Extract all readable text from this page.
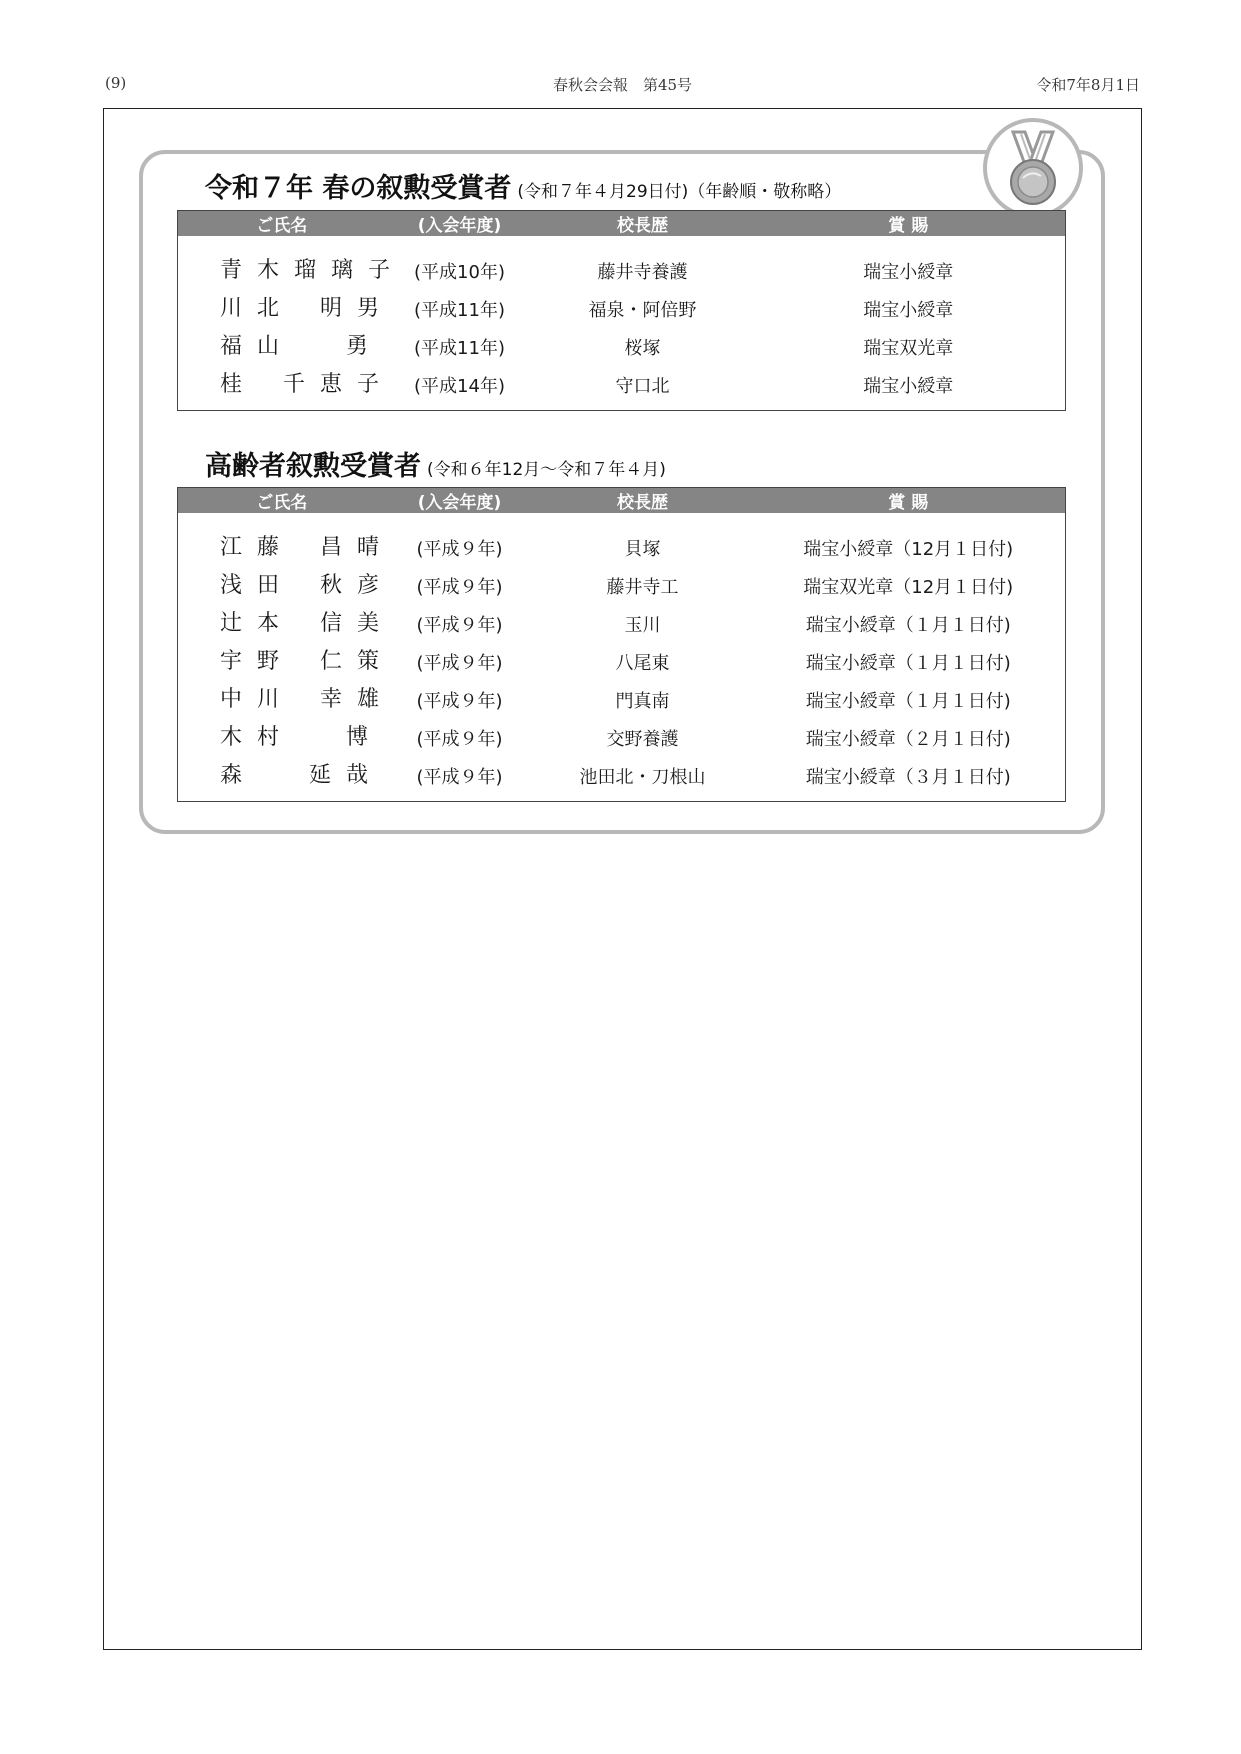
(9)	春秋会会報　第45号	令和7年8月1日
令和７年 春の叙勲受賞者 (令和７年４月29日付)（年齢順・敬称略）
ご氏名	(入会年度)	校長歴	賞 賜
青 木 瑠 璃 子	(平成10年)	藤井寺養護	瑞宝小綬章
川 北 　明 男	(平成11年)	福泉・阿倍野	瑞宝小綬章
福 山 　　勇	(平成11年)	桜塚	瑞宝双光章
桂 　千 恵 子	(平成14年)	守口北	瑞宝小綬章
高齢者叙勲受賞者 (令和６年12月〜令和７年４月)
ご氏名	(入会年度)	校長歴	賞 賜
江 藤 　昌 晴	(平成９年)	貝塚	瑞宝小綬章（12月１日付)
浅 田 　秋 彦	(平成９年)	藤井寺工	瑞宝双光章（12月１日付)
辻 本 　信 美	(平成９年)	玉川	瑞宝小綬章（１月１日付)
宇 野 　仁 策	(平成９年)	八尾東	瑞宝小綬章（１月１日付)
中 川 　幸 雄	(平成９年)	門真南	瑞宝小綬章（１月１日付)
木 村 　　博	(平成９年)	交野養護	瑞宝小綬章（２月１日付)
森 　　延 哉	(平成９年)	池田北・刀根山	瑞宝小綬章（３月１日付)
